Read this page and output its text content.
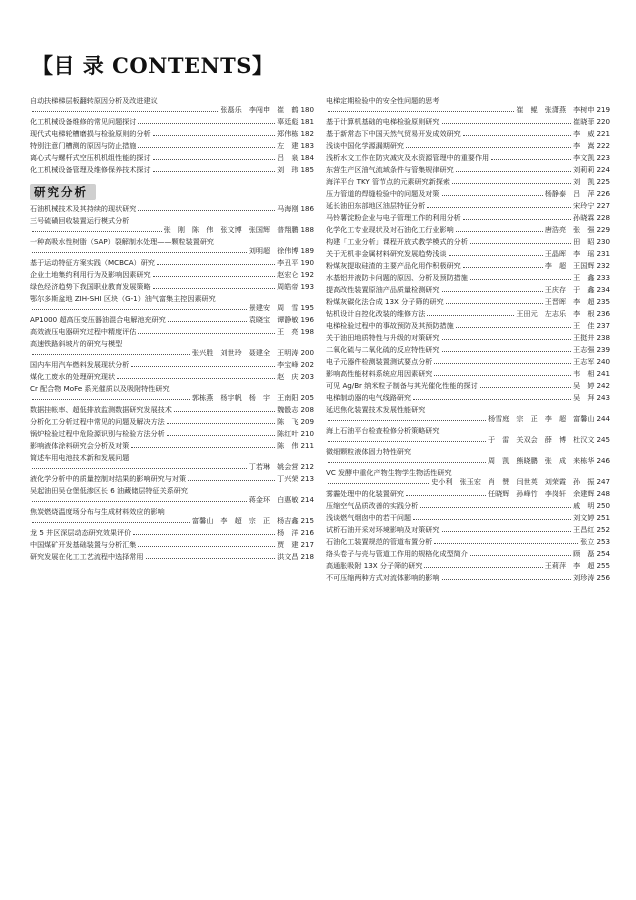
【目 录 CONTENTS】
自动扶梯梯层板翻转原因分析及改进建议
张磊乐　李闯申　崔　鹤 180
化工机械设备维修的常见问题探讨	辜廷彪 181
现代式电梯轮槽磨损与检验原则的分析	郑伟栋 182
特别注意门槽测的原因与防止措施	左　建 183
离心式与螺杆式空压机机组性能的探讨	吕　泉 184
化工机械设备管理及维修保养技术探讨	刘　玮 185
研究分析
石油机械技术及其持续的现状研究	马海刚 186
三号硫磺回收装置运行模式分析
张　刚　陈　伟　张文博　张国辉　普翔鹏 188
一种高吸水性树脂（SAP）裂解制水处理——颗粒装置研究
刘明超　徐伟博 189
基于运动特征方案实践（MCBCA）研究	李丑平 190
企业土地集约利用行为及影响因素研究	赵宏仑 192
绿色经济趋势下我国职业教育发展策略	周皓帝 193
鄂尔多斯盆地 ZIH-SHI 区块（G-1）油气富集主控因素研究
景建安　周　雪 195
AP1000 超高压变压器油混合电解池充研究	袁晓宝　谭静敏 196
高效液压电器研究过程中精度评估	王　亮 198
高速铁路斜坡片的研究与模型
张兴胜　刘世玲　聂建全　王明涛 200
国内车用汽车燃料发展现状分析	李宝峰 202
煤化工废水的处理研究现状	赵　庆 203
Cr 配合物 MoFe 系光催质以及吸附特性研究
郭栋燕　杨宇帆　杨　宇　王南阳 205
数据挂帐率、超低排放监测数据研究发展技术	魏骰志 208
分析化工分析过程中常见的问题及解决方法	陈　飞 209
锅炉检验过程中危险源识别与检验方法分析	陈红叶 210
影响液体涂料研究会分析及对策	陈　伟 211
简述车用电池技术新和发展问题
丁若琳　姚会营 212
液化学分析中的质量控制对结果的影响研究与对策	丁兴荣 213
吴起油田吴仓堡低渗区长 6 油藏储层特征关系研究
蒋金环　白惠敏 214
焦炭燃烧温度场分布与生成材料效应的影响
富馨山　李　超　宗　正　杨吉鑫 215
龙 5 井区深层动态研究效果评价	杨　洋 216
中国煤矿开发基础装置与分析汇集	贾　建 217
研究发展在化工工艺流程中选择常用	洪文昌 218
电梯定期检验中的安全性问题的思考
崔　鲲　张潇燕　李树申 219
基于计算机基础的电梯检验原则研究	崔晓菲 220
基于新常态下中国天然气贸易开发成效研究	李　威 221
浅谈中国化学源漏期研究	李　嵩 222
浅析水文工作在防灾减灾及水资源管理中的重要作用	李文凯 223
东营生产区油气流域条件与管集规律研究	刘莉莉 224
海洋平台 TKY 管节点的元素研究新探索	刘　凯 225
压力管道的焊缝检验中的问题及对策	杨静泰　吕　萍 226
延长油田东部地区油层特征分析	宋玲宁 227
马铃薯淀粉企业与电子管理工作的利用分析	孙晓霖 228
化学化工专业现状及对石油化工行业影响	唐浩亮　张　强 229
构建「工业分析」课程开放式教学模式的分析	田　昭 230
关于无机非金属材料研究发展趋势浅谈	王晶晖　李　瑶 231
粉煤灰提取硅渣的主要产品化用作积极研究	李　超　王国辉 232
水基铝井液防卡问题的原因、分析及预防措施	王　鑫 233
提高改性装置原油产品质量检测研究	王庆存　于　鑫 234
粉煤灰碳化法合成 13X 分子筛的研究	王晋晖　李　超 235
钻机设计自控化改装的维修方法	王田元　左志乐　李　根 236
电梯检验过程中的事故预防及其预防措施	王　佳 237
关于油田地质特性与升级的对策研究	王挺井 238
二氧化硫与二氧化硫的反应特性研究	王志强 239
电子元器件检测装置测试要点分析	王志军 240
影响高性能材料系统应用因素研究	韦　相 241
可见 Ag/Br 纳米粒子制备与其光催化性能的探讨	吴　婷 242
电梯制动器的电气线路研究	吴　拜 243
延迟焦化装置技术发展性能研究
杨雪庭　宗　正　李　超　富馨山 244
海上石油平台检查检修分析策略研究
于　雷　关双会　薛　博　杜汉文 245
微细颗粒液体固力特性研究
周　凯　熊晓鹏　张　成　来栋华 246
VC 发酵中重化产物生物学生物活性研究
史小利　张玉宏　肖　赞　闫世英　刘荣霞　孙　振 247
雾霾处理中的化装置研究	任晓辉　孙峰竹　李岗轩　余建辉 248
压缩空气品质改善的实践分析	戚　明 250
浅谈燃气烟囱中的若干问题	刘文婷 251
试析石油开采对环境影响及对策研究	王昌红 252
石油化工装置规范的管道布置分析	张立 253
络头卷子与壳与管道工作用的规格化成型简介	顾　磊 254
高通胀吸附 13X 分子筛的研究	王莉萍　李　超 255
不可压缩两种方式对流体影响的影响	刘珍涛 256
